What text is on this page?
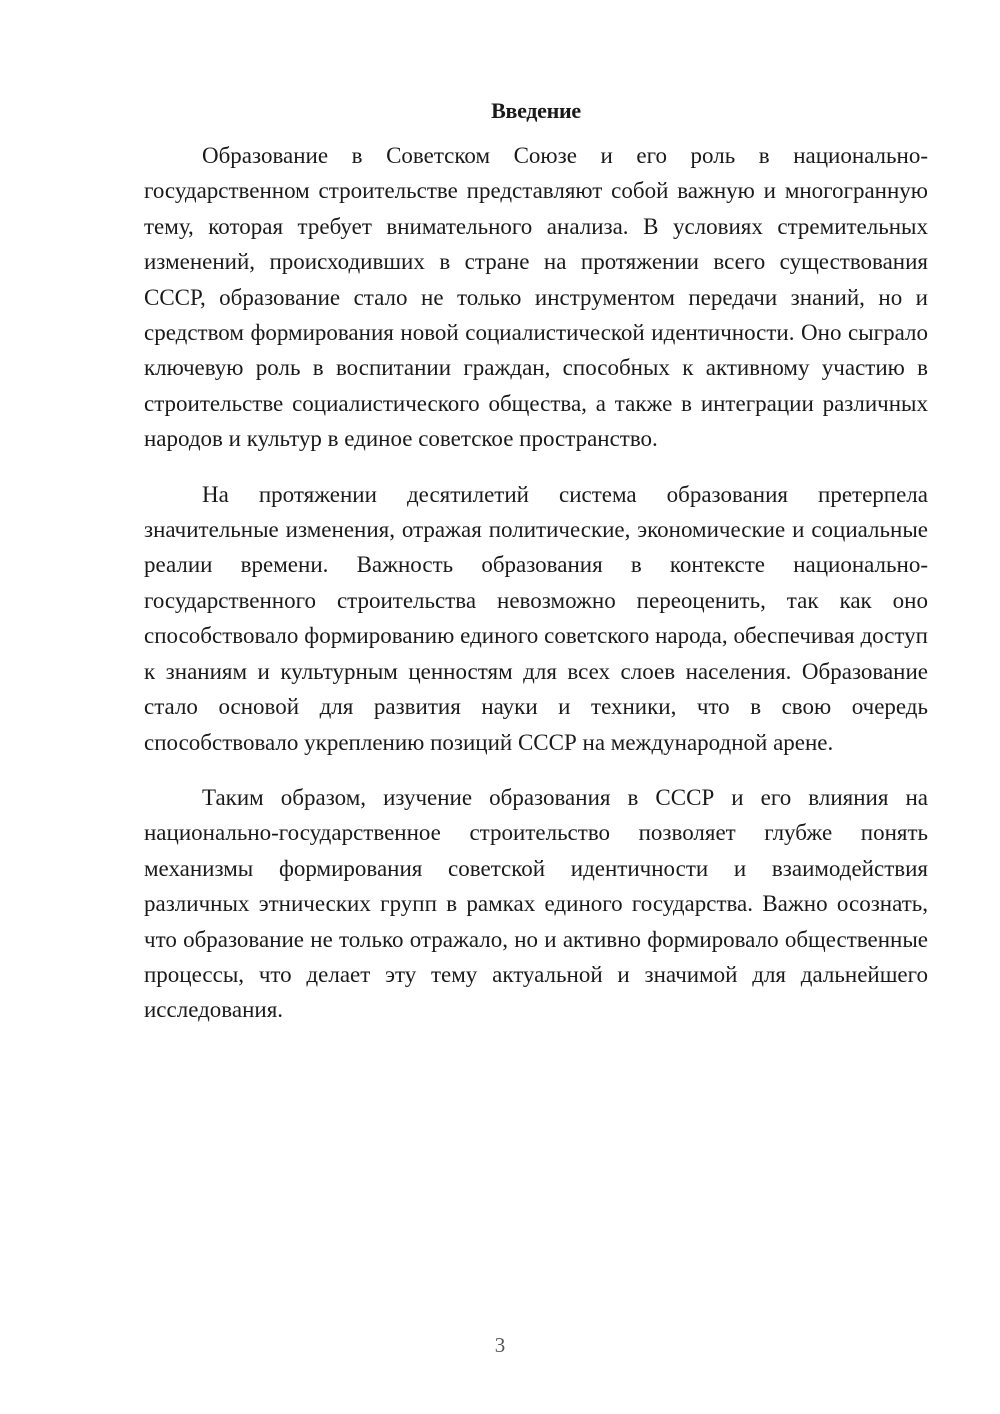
Введение

Образование в Советском Союзе и его роль в национально-государственном строительстве представляют собой важную и многогранную тему, которая требует внимательного анализа. В условиях стремительных изменений, происходивших в стране на протяжении всего существования СССР, образование стало не только инструментом передачи знаний, но и средством формирования новой социалистической идентичности. Оно сыграло ключевую роль в воспитании граждан, способных к активному участию в строительстве социалистического общества, а также в интеграции различных народов и культур в единое советское пространство.

На протяжении десятилетий система образования претерпела значительные изменения, отражая политические, экономические и социальные реалии времени. Важность образования в контексте национально-государственного строительства невозможно переоценить, так как оно способствовало формированию единого советского народа, обеспечивая доступ к знаниям и культурным ценностям для всех слоев населения. Образование стало основой для развития науки и техники, что в свою очередь способствовало укреплению позиций СССР на международной арене.

Таким образом, изучение образования в СССР и его влияния на национально-государственное строительство позволяет глубже понять механизмы формирования советской идентичности и взаимодействия различных этнических групп в рамках единого государства. Важно осознать, что образование не только отражало, но и активно формировало общественные процессы, что делает эту тему актуальной и значимой для дальнейшего исследования.

3
